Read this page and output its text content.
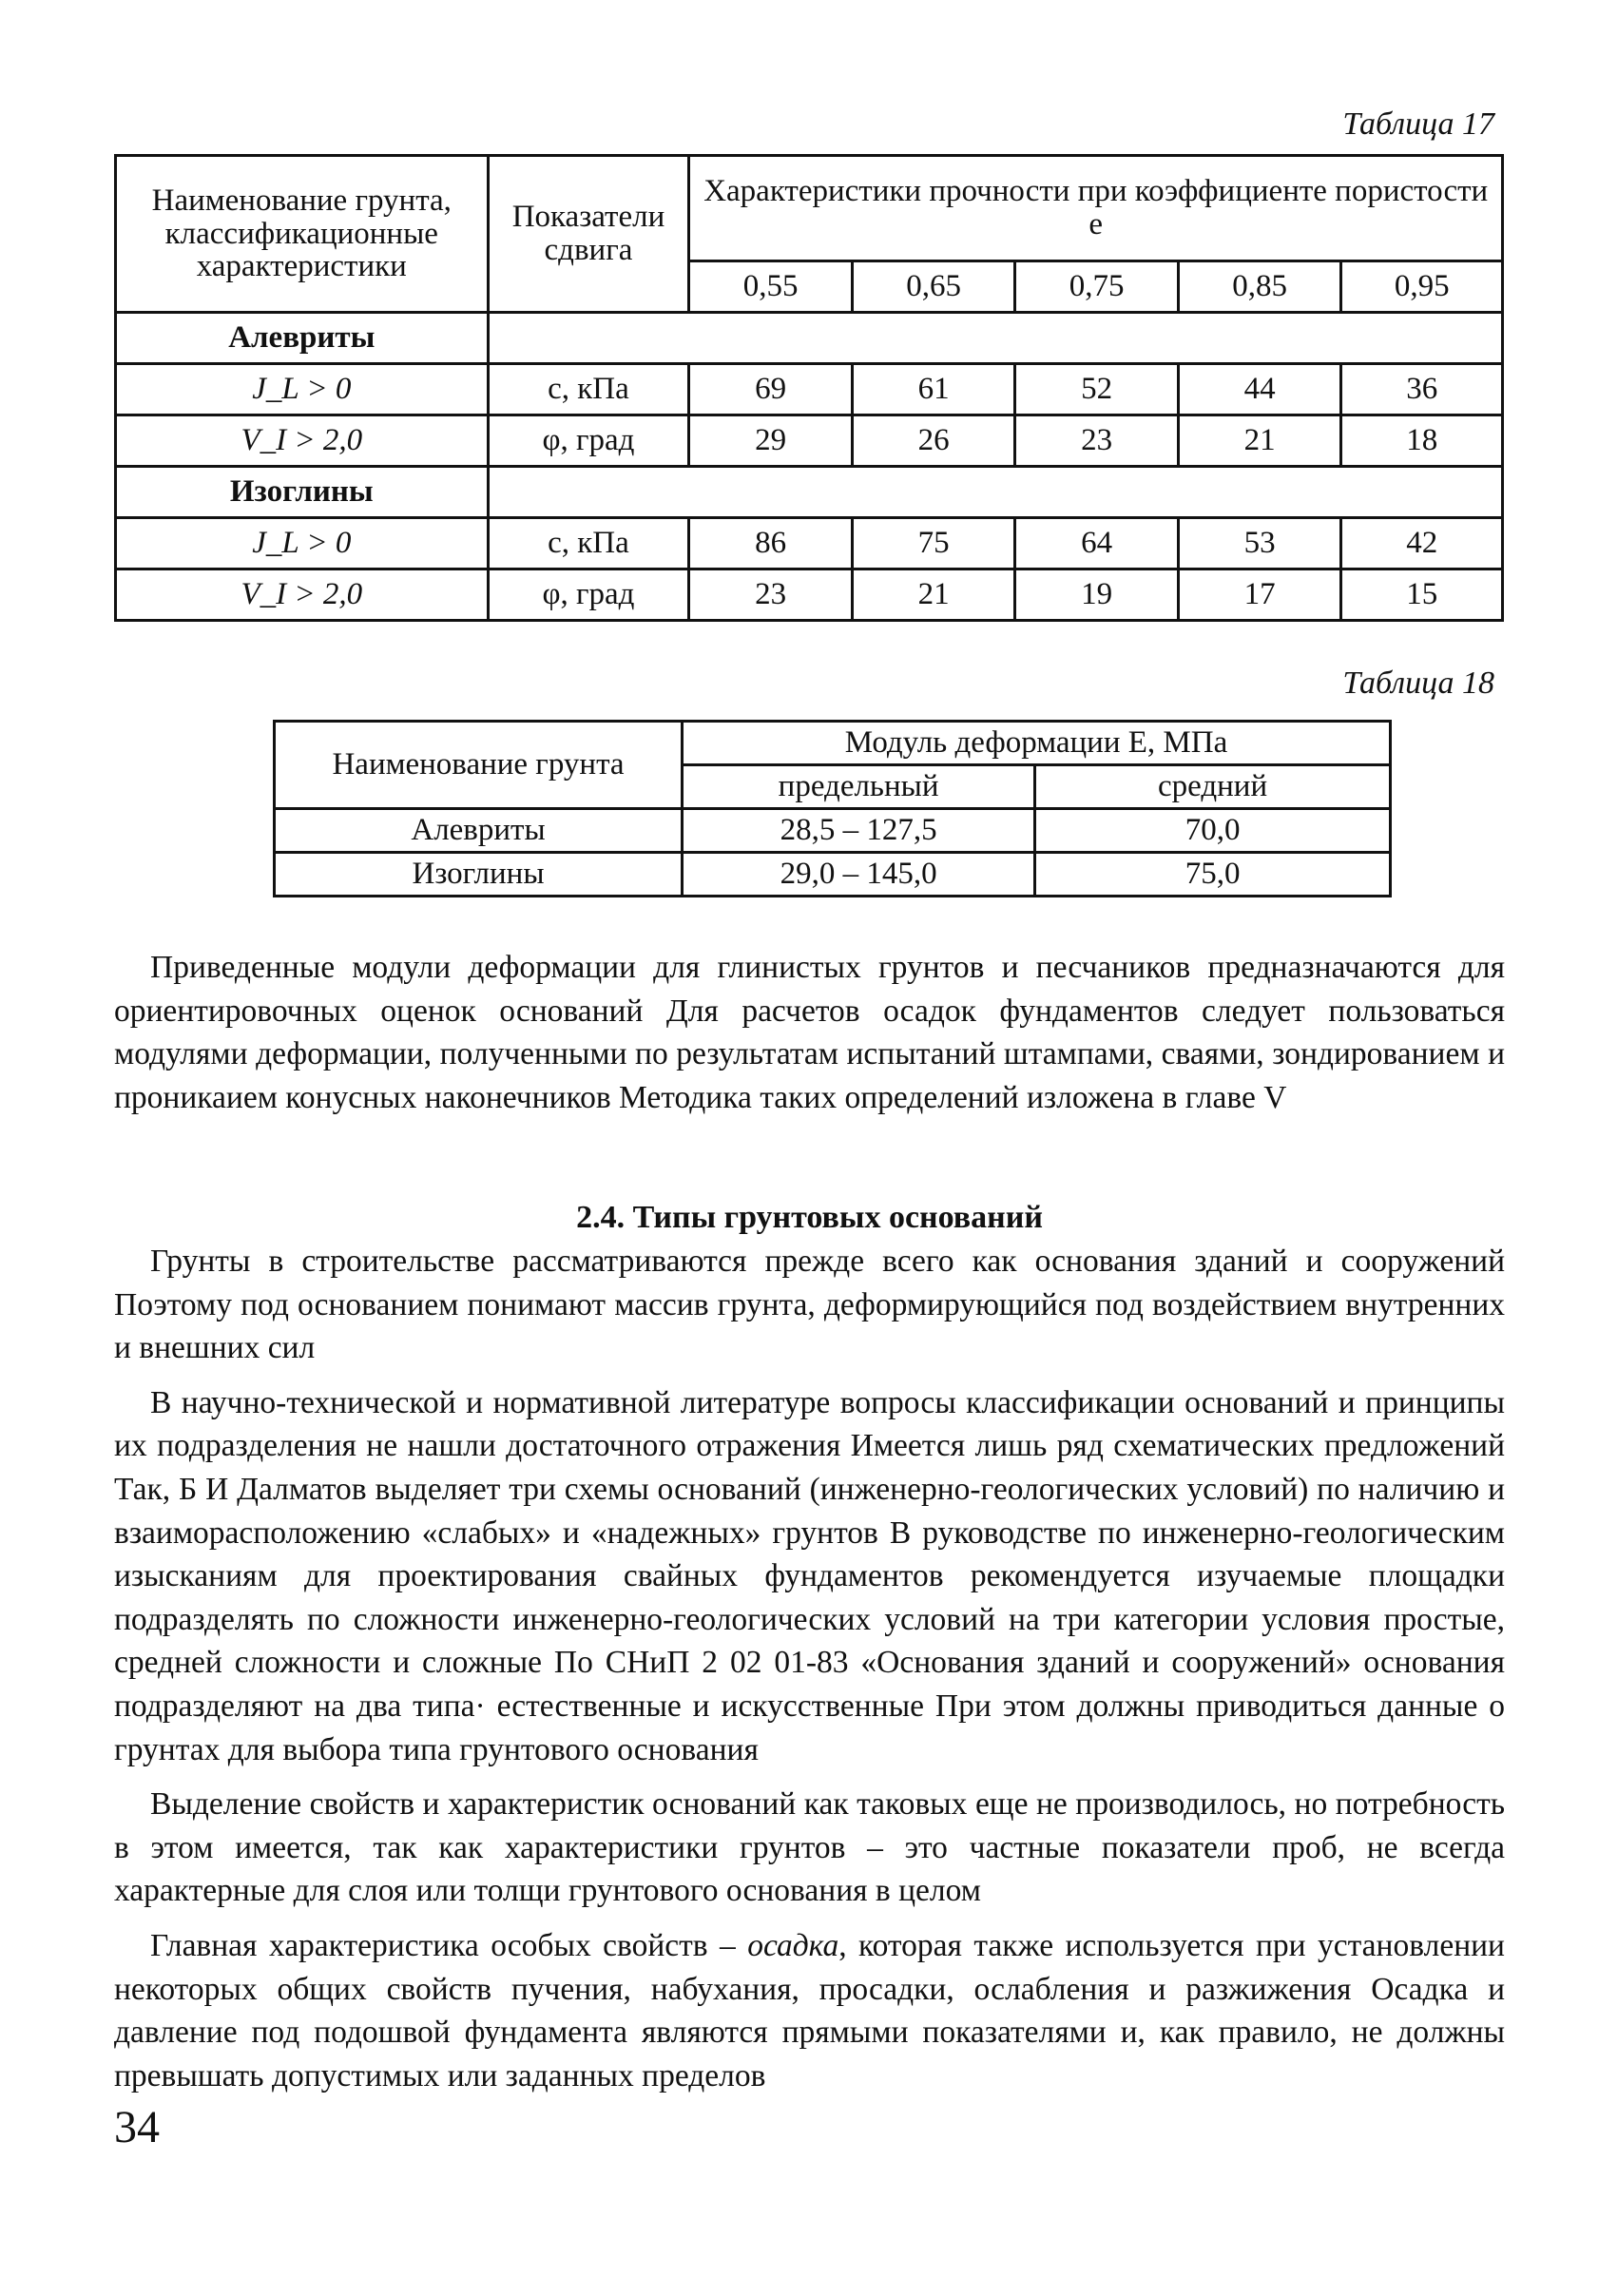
Таблица 17
Наименование грунта, классификационные характеристики	Показатели сдвига	Характеристики прочности при коэффициенте пористости е				
		0,55	0,65	0,75	0,85	0,95
Алевриты						
J_L > 0	c, кПа	69	61	52	44	36
V_I > 2,0	φ, град	29	26	23	21	18
Изоглины						
J_L > 0	c, кПа	86	75	64	53	42
V_I > 2,0	φ, град	23	21	19	17	15
Таблица 18
Наименование грунта	Модуль деформации Е, МПа	
	предельный	средний
Алевриты	28,5 – 127,5	70,0
Изоглины	29,0 – 145,0	75,0

Приведенные модули деформации для глинистых грунтов и песчаников предназначаются для ориентировочных оценок оснований Для расчетов осадок фундаментов следует пользоваться модулями деформации, полученными по результатам испытаний штампами, сваями, зондированием и проникаием конусных наконечников Методика таких определений изложена в главе V

2.4. Типы грунтовых оснований

Грунты в строительстве рассматриваются прежде всего как основания зданий и сооружений Поэтому под основанием понимают массив грунта, деформирующийся под воздействием внутренних и внешних сил

В научно-технической и нормативной литературе вопросы классификации оснований и принципы их подразделения не нашли достаточного отражения Имеется лишь ряд схематических предложений Так, Б И Далматов выделяет три схемы оснований (инженерно-геологических условий) по наличию и взаиморасположению «слабых» и «надежных» грунтов В руководстве по инженерно-геологическим изысканиям для проектирования свайных фундаментов рекомендуется изучаемые площадки подразделять по сложности инженерно-геологических условий на три категории условия простые, средней сложности и сложные По СНиП 2 02 01-83 «Основания зданий и сооружений» основания подразделяют на два типа· естественные и искусственные При этом должны приводиться данные о грунтах для выбора типа грунтового основания

Выделение свойств и характеристик оснований как таковых еще не производилось, но потребность в этом имеется, так как характеристики грунтов – это частные показатели проб, не всегда характерные для слоя или толщи грунтового основания в целом

Главная характеристика особых свойств – осадка, которая также используется при установлении некоторых общих свойств пучения, набухания, просадки, ослабления и разжижения Осадка и давление под подошвой фундамента являются прямыми показателями и, как правило, не должны превышать допустимых или заданных пределов

34
